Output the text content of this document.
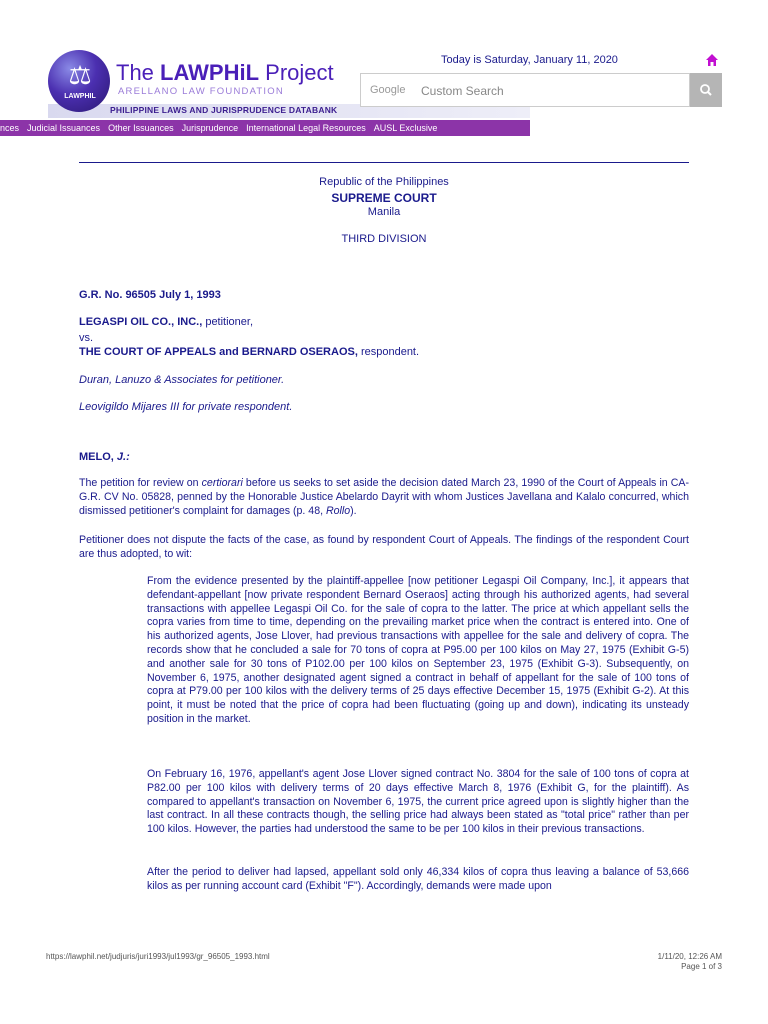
⚖
LAWPHIL
The LAWPHiL Project
ARELLANO LAW FOUNDATION
PHILIPPINE LAWS AND JURISPRUDENCE DATABANK
Today is Saturday, January 11, 2020
Google Custom Search
nces Judicial Issuances Other Issuances Jurisprudence International Legal Resources AUSL Exclusive
Republic of the Philippines
SUPREME COURT
Manila
THIRD DIVISION
G.R. No. 96505 July 1, 1993
LEGASPI OIL CO., INC., petitioner,
vs.
THE COURT OF APPEALS and BERNARD OSERAOS, respondent.
Duran, Lanuzo & Associates for petitioner.
Leovigildo Mijares III for private respondent.
MELO, J.:
The petition for review on certiorari before us seeks to set aside the decision dated March 23, 1990 of the Court of Appeals in CA-G.R. CV No. 05828, penned by the Honorable Justice Abelardo Dayrit with whom Justices Javellana and Kalalo concurred, which dismissed petitioner's complaint for damages (p. 48, Rollo).
Petitioner does not dispute the facts of the case, as found by respondent Court of Appeals. The findings of the respondent Court are thus adopted, to wit:
From the evidence presented by the plaintiff-appellee [now petitioner Legaspi Oil Company, Inc.], it appears that defendant-appellant [now private respondent Bernard Oseraos] acting through his authorized agents, had several transactions with appellee Legaspi Oil Co. for the sale of copra to the latter. The price at which appellant sells the copra varies from time to time, depending on the prevailing market price when the contract is entered into. One of his authorized agents, Jose Llover, had previous transactions with appellee for the sale and delivery of copra. The records show that he concluded a sale for 70 tons of copra at P95.00 per 100 kilos on May 27, 1975 (Exhibit G-5) and another sale for 30 tons of P102.00 per 100 kilos on September 23, 1975 (Exhibit G-3). Subsequently, on November 6, 1975, another designated agent signed a contract in behalf of appellant for the sale of 100 tons of copra at P79.00 per 100 kilos with the delivery terms of 25 days effective December 15, 1975 (Exhibit G-2). At this point, it must be noted that the price of copra had been fluctuating (going up and down), indicating its unsteady position in the market.
On February 16, 1976, appellant's agent Jose Llover signed contract No. 3804 for the sale of 100 tons of copra at P82.00 per 100 kilos with delivery terms of 20 days effective March 8, 1976 (Exhibit G, for the plaintiff). As compared to appellant's transaction on November 6, 1975, the current price agreed upon is slightly higher than the last contract. In all these contracts though, the selling price had always been stated as "total price" rather than per 100 kilos. However, the parties had understood the same to be per 100 kilos in their previous transactions.
After the period to deliver had lapsed, appellant sold only 46,334 kilos of copra thus leaving a balance of 53,666 kilos as per running account card (Exhibit "F"). Accordingly, demands were made upon
https://lawphil.net/judjuris/juri1993/jul1993/gr_96505_1993.html	1/11/20, 12:26 AM
Page 1 of 3
